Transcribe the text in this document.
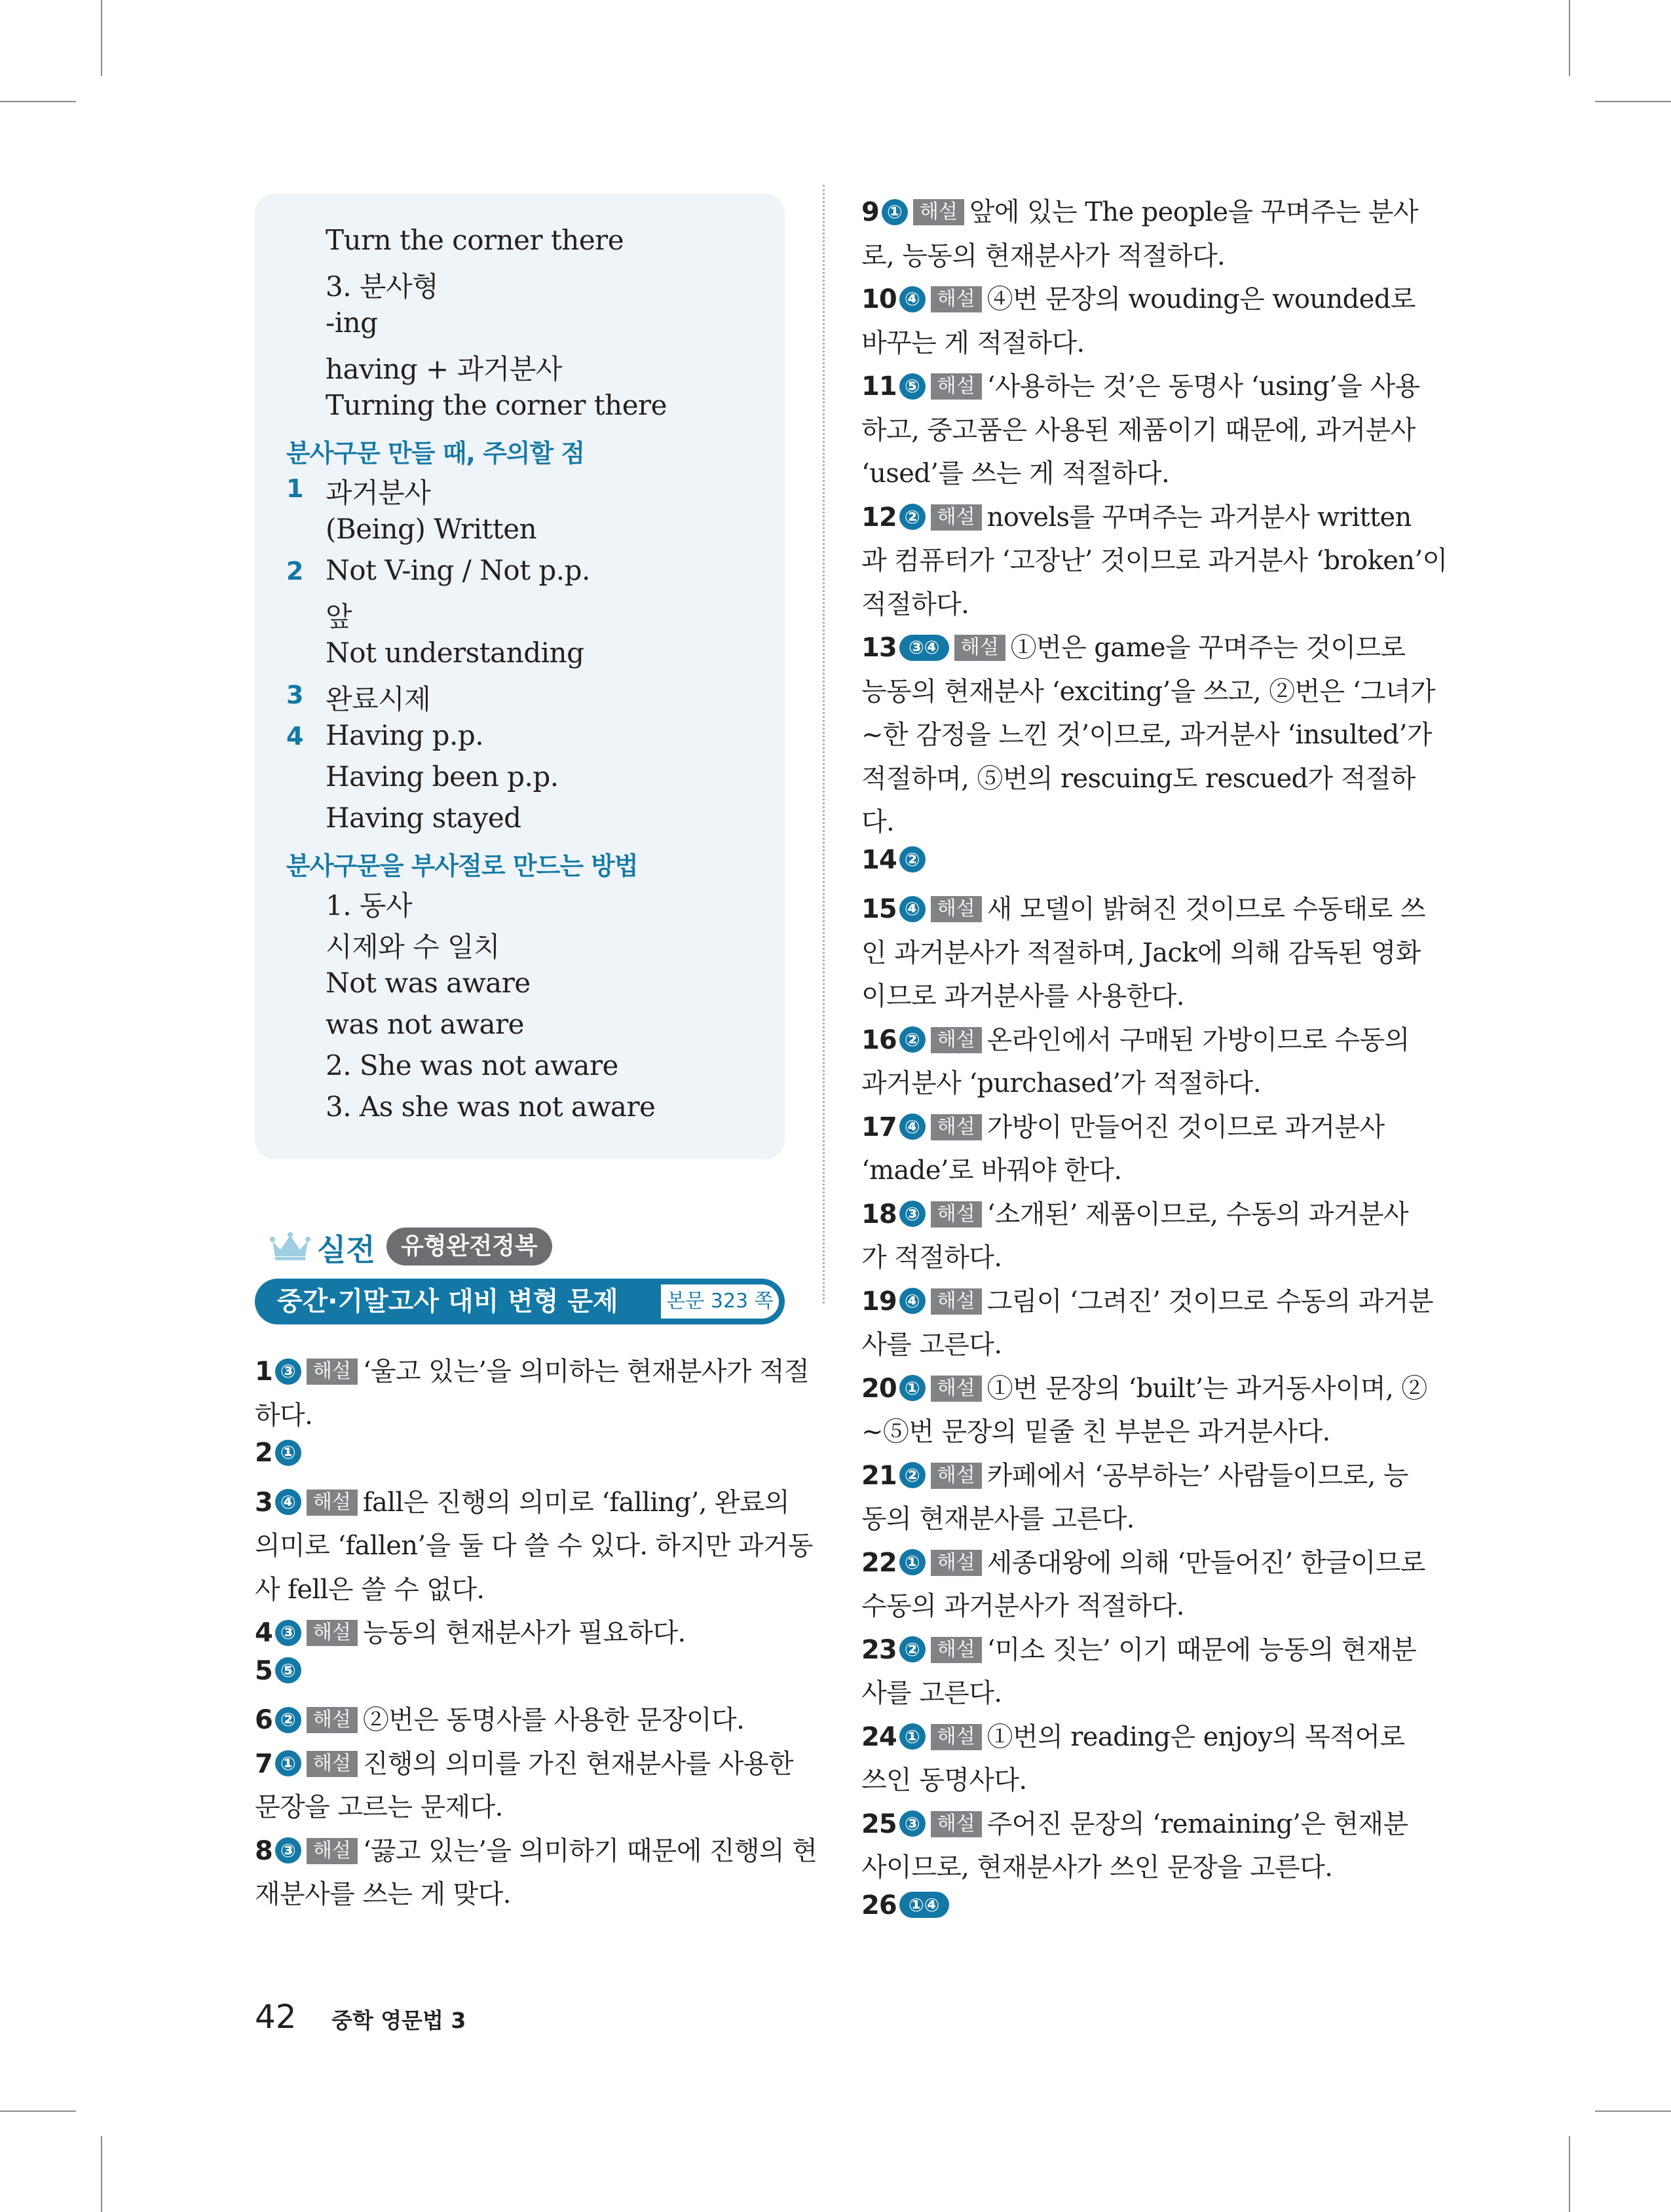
Turn the corner there
3. 분사형
-ing
having + 과거분사
Turning the corner there
분사구문 만들 때, 주의할 점
1 과거분사
(Being) Written
2 Not V-ing / Not p.p.
앞
Not understanding
3 완료시제
4 Having p.p.
Having been p.p.
Having stayed
분사구문을 부사절로 만드는 방법
1. 동사
시제와 수 일치
Not was aware
was not aware
2. She was not aware
3. As she was not aware
실전	유형완전정복
중간·기말고사 대비 변형 문제 본문 323 쪽
1 ③ 해설 ‘울고 있는’을 의미하는 현재분사가 적절
하다.
2 ①
3 ④ 해설 fall은 진행의 의미로 ‘falling’, 완료의
의미로 ‘fallen’을 둘 다 쓸 수 있다. 하지만 과거동
사 fell은 쓸 수 없다.
4 ③ 해설 능동의 현재분사가 필요하다.
5 ⑤
6 ② 해설 ②번은 동명사를 사용한 문장이다.
7 ① 해설 진행의 의미를 가진 현재분사를 사용한
문장을 고르는 문제다.
8 ③ 해설 ‘끓고 있는’을 의미하기 때문에 진행의 현
재분사를 쓰는 게 맞다.
9 ① 해설 앞에 있는 The people을 꾸며주는 분사
로, 능동의 현재분사가 적절하다.
10 ④ 해설 ④번 문장의 wouding은 wounded로
바꾸는 게 적절하다.
11 ⑤ 해설 ‘사용하는 것’은 동명사 ‘using’을 사용
하고, 중고품은 사용된 제품이기 때문에, 과거분사
‘used’를 쓰는 게 적절하다.
12 ② 해설 novels를 꾸며주는 과거분사 written
과 컴퓨터가 ‘고장난’ 것이므로 과거분사 ‘broken’이
적절하다.
13 ③④ 해설 ①번은 game을 꾸며주는 것이므로
능동의 현재분사 ‘exciting’을 쓰고, ②번은 ‘그녀가
~한 감정을 느낀 것’이므로, 과거분사 ‘insulted’가
적절하며, ⑤번의 rescuing도 rescued가 적절하
다.
14 ②
15 ④ 해설 새 모델이 밝혀진 것이므로 수동태로 쓰
인 과거분사가 적절하며, Jack에 의해 감독된 영화
이므로 과거분사를 사용한다.
16 ② 해설 온라인에서 구매된 가방이므로 수동의
과거분사 ‘purchased’가 적절하다.
17 ④ 해설 가방이 만들어진 것이므로 과거분사
‘made’로 바꿔야 한다.
18 ③ 해설 ‘소개된’ 제품이므로, 수동의 과거분사
가 적절하다.
19 ④ 해설 그림이 ‘그려진’ 것이므로 수동의 과거분
사를 고른다.
20 ① 해설 ①번 문장의 ‘built’는 과거동사이며, ②
~⑤번 문장의 밑줄 친 부분은 과거분사다.
21 ② 해설 카페에서 ‘공부하는’ 사람들이므로, 능
동의 현재분사를 고른다.
22 ① 해설 세종대왕에 의해 ‘만들어진’ 한글이므로
수동의 과거분사가 적절하다.
23 ② 해설 ‘미소 짓는’ 이기 때문에 능동의 현재분
사를 고른다.
24 ① 해설 ①번의 reading은 enjoy의 목적어로
쓰인 동명사다.
25 ③ 해설 주어진 문장의 ‘remaining’은 현재분
사이므로, 현재분사가 쓰인 문장을 고른다.
26 ①④
42 중학 영문법 3
